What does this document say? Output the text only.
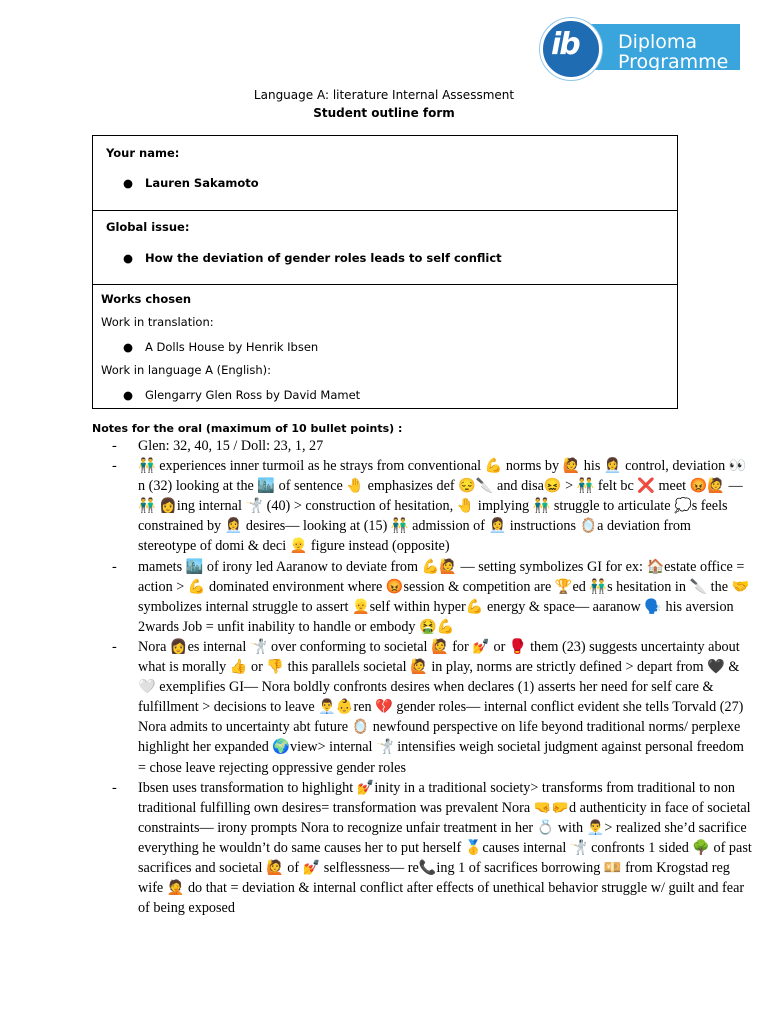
Diploma
Programme
ib
Language A: literature Internal Assessment
Student outline form
Your name:
● Lauren Sakamoto
Global issue:
● How the deviation of gender roles leads to self conflict
Works chosen
Work in translation:
● A Dolls House by Henrik Ibsen
Work in language A (English):
● Glengarry Glen Ross by David Mamet
Notes for the oral (maximum of 10 bullet points) :
- Glen: 32, 40, 15 / Doll: 23, 1, 27
- 👬 experiences inner turmoil as he strays from conventional 💪 norms by 🙋 his 👩‍💼 control, deviation 👀n (32) looking at the 🏙️ of sentence 🤚 emphasizes def 😔🔪 and disa😖 > 👬 felt bc ❌ meet 😡🙋 — 👬 👩ing internal 🤺 (40) > construction of hesitation, 🤚 implying 👬 struggle to articulate 💭s feels constrained by 👩‍💼 desires— looking at (15) 👬 admission of 👩‍💼 instructions 🪞a deviation from stereotype of domi & deci 👱 figure instead (opposite)
- mamets 🏙️ of irony led Aaranow to deviate from 💪🙋 — setting symbolizes GI for ex: 🏠estate office = action > 💪 dominated environment where 😡session & competition are 🏆ed 👬s hesitation in 🔪 the 🤝 symbolizes internal struggle to assert 👱self within hyper💪 energy & space— aaranow 🗣️ his aversion 2wards Job = unfit inability to handle or embody 🤮💪
- Nora 👩es internal 🤺 over conforming to societal 🙋 for 💅 or 🥊 them (23) suggests uncertainty about what is morally 👍 or 👎 this parallels societal 🙋 in play, norms are strictly defined > depart from 🖤 & 🤍 exemplifies GI— Nora boldly confronts desires when declares (1) asserts her need for self care & fulfillment > decisions to leave 👨‍💼👶ren 💔 gender roles— internal conflict evident she tells Torvald (27) Nora admits to uncertainty abt future 🪞 newfound perspective on life beyond traditional norms/ perplexe highlight her expanded 🌍view> internal 🤺 intensifies weigh societal judgment against personal freedom = chose leave rejecting oppressive gender roles
- Ibsen uses transformation to highlight 💅inity in a traditional society> transforms from traditional to non traditional fulfilling own desires= transformation was prevalent Nora 🤜🤛d authenticity in face of societal constraints— irony prompts Nora to recognize unfair treatment in her 💍 with 👨‍💼> realized she’d sacrifice everything he wouldn’t do same causes her to put herself 🥇causes internal 🤺 confronts 1 sided 🌳 of past sacrifices and societal 🙋 of 💅 selflessness— re📞ing 1 of sacrifices borrowing 💴 from Krogstad reg wife 🤦 do that = deviation & internal conflict after effects of unethical behavior struggle w/ guilt and fear of being exposed
